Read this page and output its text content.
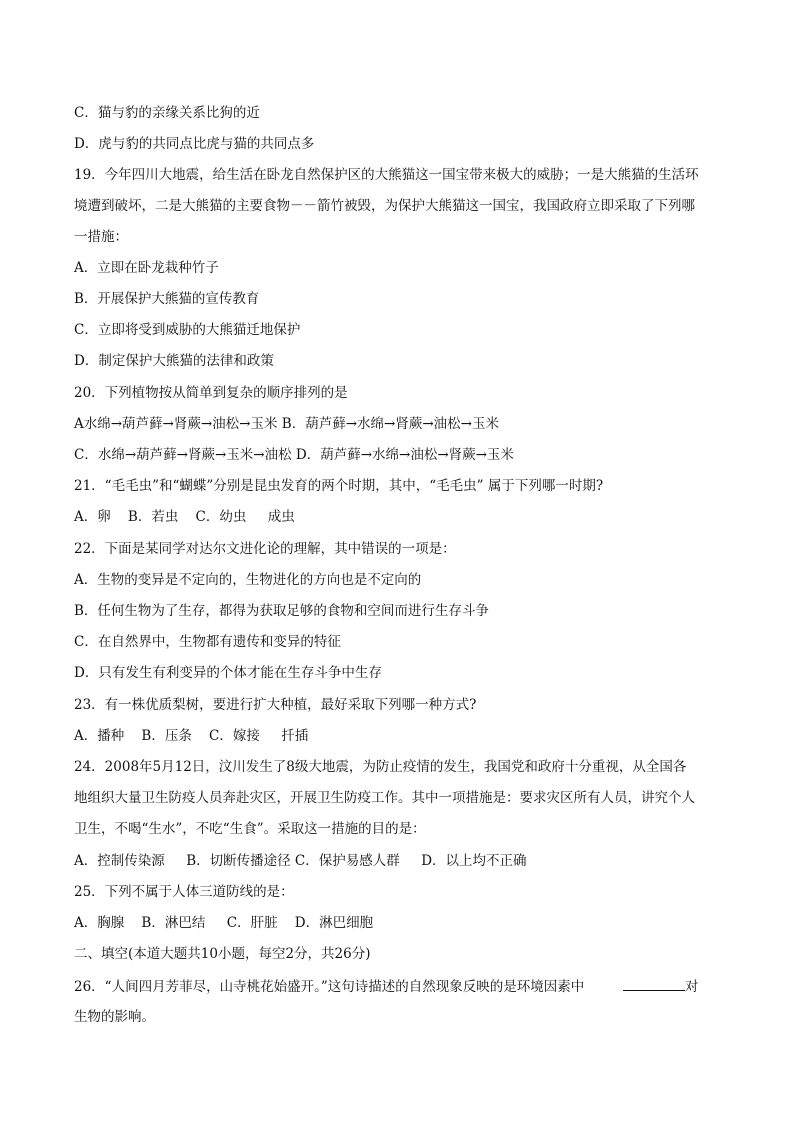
C．猫与豹的亲缘关系比狗的近
D．虎与豹的共同点比虎与猫的共同点多
19．今年四川大地震，给生活在卧龙自然保护区的大熊猫这一国宝带来极大的威胁；一是大熊猫的生活环
境遭到破坏，二是大熊猫的主要食物－－箭竹被毁，为保护大熊猫这一国宝，我国政府立即采取了下列哪
一措施：
A．立即在卧龙栽种竹子
B．开展保护大熊猫的宣传教育
C．立即将受到威胁的大熊猫迁地保护
D．制定保护大熊猫的法律和政策
20．下列植物按从简单到复杂的顺序排列的是
A水绵→葫芦藓→肾蕨→油松→玉米 B．葫芦藓→水绵→肾蕨→油松→玉米
C．水绵→葫芦藓→肾蕨→玉米→油松 D．葫芦藓→水绵→油松→肾蕨→玉米
21．“毛毛虫”和“蝴蝶”分别是昆虫发育的两个时期，其中，“毛毛虫” 属于下列哪一时期?
A．卵    B．若虫    C．幼虫     成虫
22．下面是某同学对达尔文进化论的理解，其中错误的一项是：
A．生物的变异是不定向的，生物进化的方向也是不定向的
B．任何生物为了生存，都得为获取足够的食物和空间而进行生存斗争
C．在自然界中，生物都有遗传和变异的特征
D．只有发生有利变异的个体才能在生存斗争中生存
23．有一株优质梨树，要进行扩大种植，最好采取下列哪一种方式?
A．播种    B．压条    C．嫁接     扦插
24．2008年5月12日，汶川发生了8级大地震，为防止疫情的发生，我国党和政府十分重视，从全国各
地组织大量卫生防疫人员奔赴灾区，开展卫生防疫工作。其中一项措施是：要求灾区所有人员，讲究个人
卫生，不喝“生水”，不吃“生食”。采取这一措施的目的是：
A．控制传染源     B．切断传播途径 C．保护易感人群     D．以上均不正确
25．下列不属于人体三道防线的是：
A．胸腺    B．淋巴结     C．肝脏    D．淋巴细胞
二、填空(本道大题共10小题，每空2分，共26分)
26．“人间四月芳菲尽，山寺桃花始盛开。”这句诗描述的自然现象反映的是环境因素中	对
生物的影响。
